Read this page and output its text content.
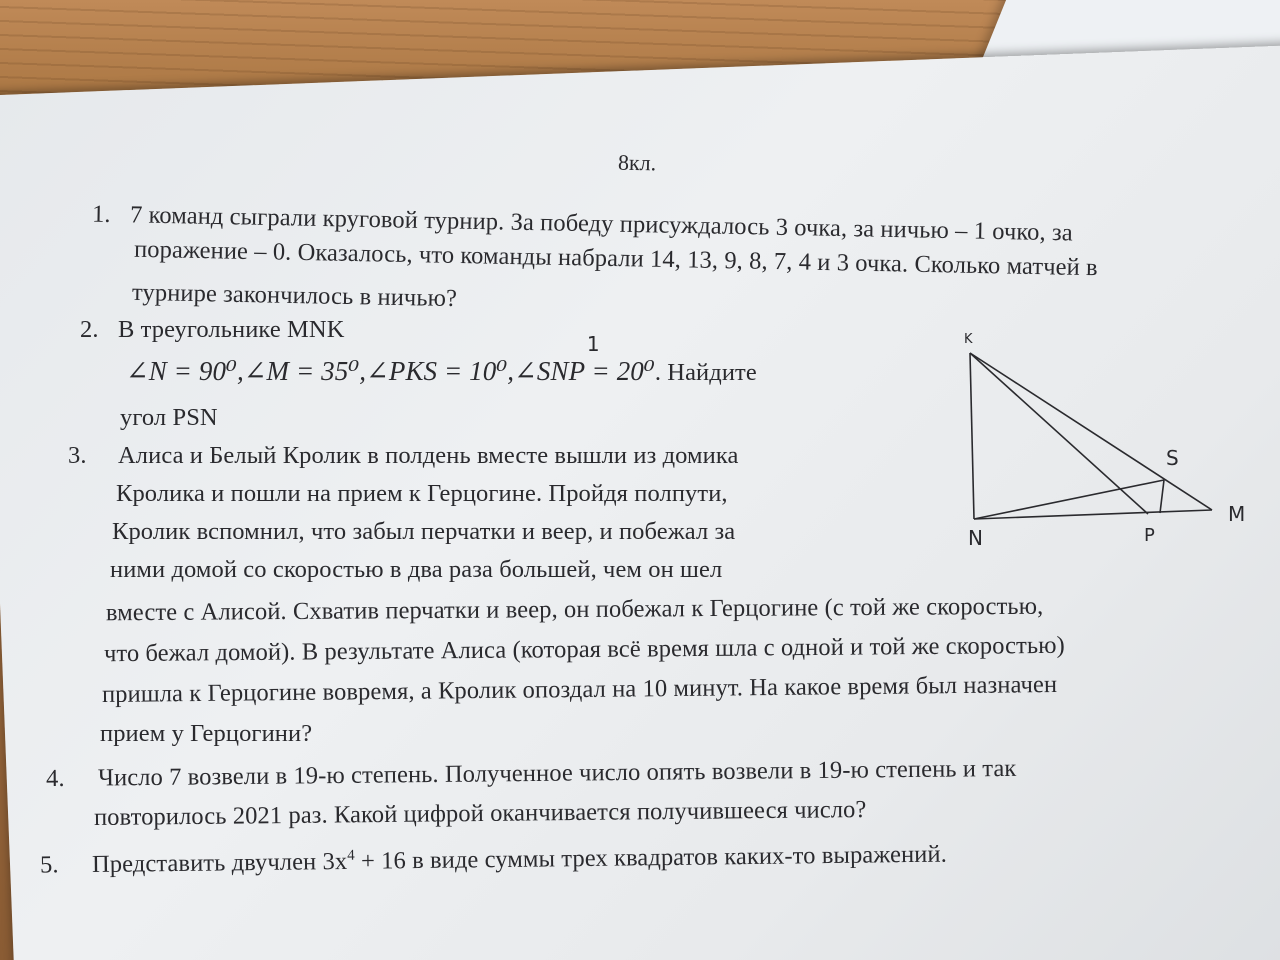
8кл.
1. 7 команд сыграли круговой турнир. За победу присуждалось 3 очка, за ничью – 1 очко, за
поражение – 0. Оказалось, что команды набрали 14, 13, 9, 8, 7, 4 и 3 очка. Сколько матчей в
турнире закончилось в ничью?
2. В треугольнике MNK
∠N = 90⁰,∠M = 35⁰,∠PKS = 10⁰,∠SNP = 20⁰
1
. Найдите
угол PSN
3. Алиса и Белый Кролик в полдень вместе вышли из домика
Кролика и пошли на прием к Герцогине. Пройдя полпути,
Кролик вспомнил, что забыл перчатки и веер, и побежал за
ними домой со скоростью в два раза большей, чем он шел
вместе с Алисой. Схватив перчатки и веер, он побежал к Герцогине (с той же скоростью,
что бежал домой). В результате Алиса (которая всё время шла с одной и той же скоростью)
пришла к Герцогине вовремя, а Кролик опоздал на 10 минут. На какое время был назначен
прием у Герцогини?
4. Число 7 возвели в 19-ю степень. Полученное число опять возвели в 19-ю степень и так
повторилось 2021 раз. Какой цифрой оканчивается получившееся число?
5. Представить двучлен $3x^4 + 16$ в виде суммы трех квадратов каких-то выражений.
K
S
M
N	P
